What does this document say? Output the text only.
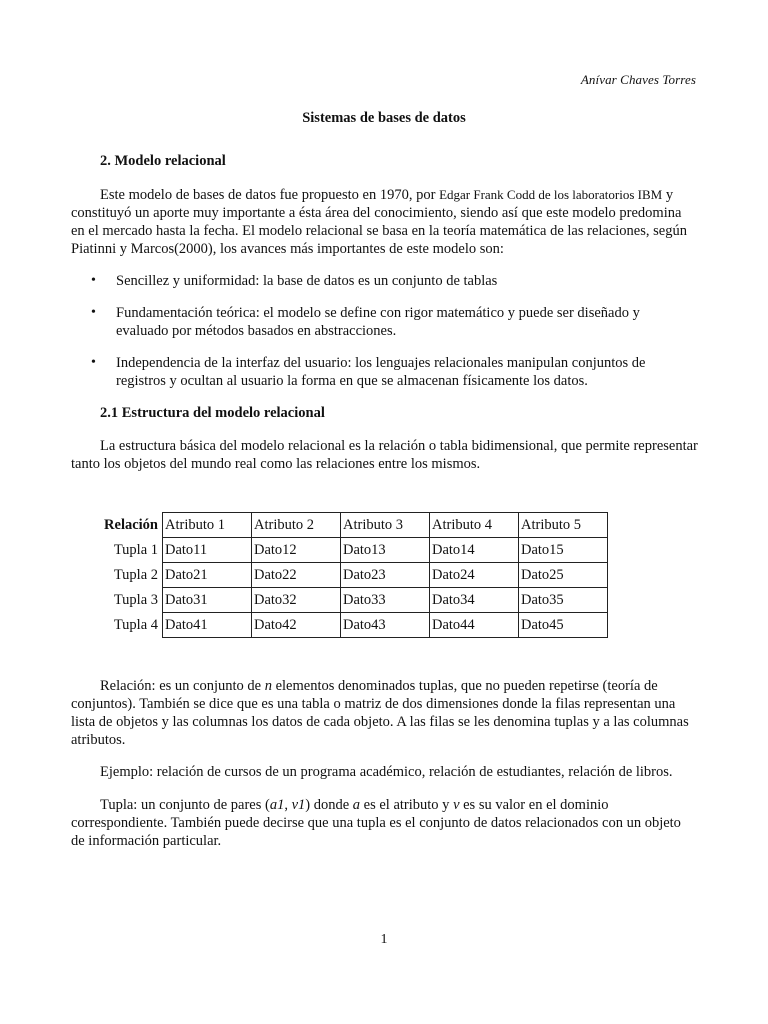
Anívar Chaves Torres
Sistemas de bases de datos
2. Modelo relacional

Este modelo de bases de datos fue propuesto en 1970, por Edgar Frank Codd de los laboratorios IBM y constituyó un aporte muy importante a ésta área del conocimiento, siendo así que este modelo predomina en el mercado hasta la fecha. El modelo relacional se basa en la teoría matemática de las relaciones, según Piatinni y Marcos(2000), los avances más importantes de este modelo son:

•	Sencillez y uniformidad: la base de datos es un conjunto de tablas
•	Fundamentación teórica: el modelo se define con rigor matemático y puede ser diseñado y evaluado por métodos basados en abstracciones.
•	Independencia de la interfaz del usuario: los lenguajes relacionales manipulan conjuntos de registros y ocultan al usuario la forma en que se almacenan físicamente los datos.
2.1 Estructura del modelo relacional

La estructura básica del modelo relacional es la relación o tabla bidimensional, que permite representar tanto los objetos del mundo real como las relaciones entre los mismos.

Relación	Atributo 1	Atributo 2	Atributo 3	Atributo 4	Atributo 5
Tupla 1	Dato11	Dato12	Dato13	Dato14	Dato15
Tupla 2	Dato21	Dato22	Dato23	Dato24	Dato25
Tupla 3	Dato31	Dato32	Dato33	Dato34	Dato35
Tupla 4	Dato41	Dato42	Dato43	Dato44	Dato45

Relación: es un conjunto de n elementos denominados tuplas, que no pueden repetirse (teoría de conjuntos). También se dice que es una tabla o matriz de dos dimensiones donde la filas representan una lista de objetos y las columnas los datos de cada objeto. A las filas se les denomina tuplas y a las columnas atributos.

Ejemplo: relación de cursos de un programa académico, relación de estudiantes, relación de libros.

Tupla: un conjunto de pares (a1, v1) donde a es el atributo y v es su valor en el dominio correspondiente. También puede decirse que una tupla es el conjunto de datos relacionados con un objeto de información particular.

1
